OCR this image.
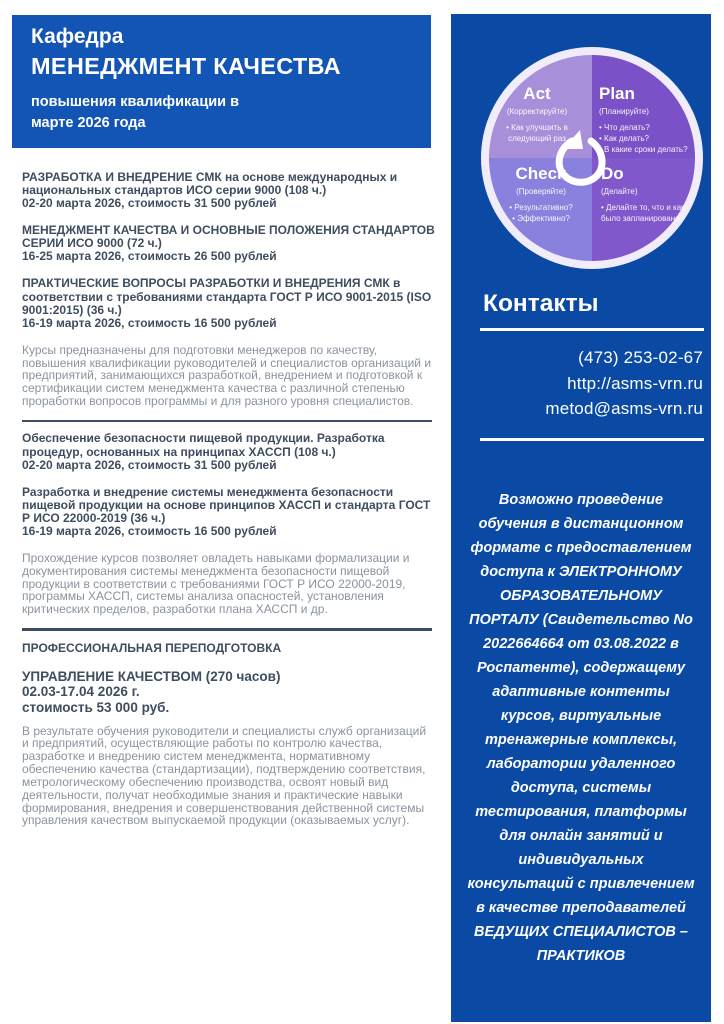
Кафедра
МЕНЕДЖМЕНТ КАЧЕСТВА
повышения квалификации в марте 2026 года
РАЗРАБОТКА И ВНЕДРЕНИЕ СМК на основе международных и национальных стандартов ИСО серии 9000 (108 ч.)
02-20 марта 2026, стоимость 31 500 рублей
МЕНЕДЖМЕНТ КАЧЕСТВА И ОСНОВНЫЕ ПОЛОЖЕНИЯ СТАНДАРТОВ СЕРИИ ИСО 9000 (72 ч.)
16-25 марта 2026, стоимость 26 500 рублей
ПРАКТИЧЕСКИЕ ВОПРОСЫ РАЗРАБОТКИ И ВНЕДРЕНИЯ СМК в соответствии с требованиями стандарта ГОСТ Р ИСО 9001-2015 (ISO 9001:2015) (36 ч.)
16-19 марта 2026, стоимость 16 500 рублей

Курсы предназначены для подготовки менеджеров по качеству, повышения квалификации руководителей и специалистов организаций и предприятий, занимающихся разработкой, внедрением и подготовкой к сертификации систем менеджмента качества с различной степенью проработки вопросов программы и для разного уровня специалистов.

Обеспечение безопасности пищевой продукции. Разработка процедур, основанных на принципах ХАССП (108 ч.)
02-20 марта 2026, стоимость 31 500 рублей
Разработка и внедрение системы менеджмента безопасности пищевой продукции на основе принципов ХАССП и стандарта ГОСТ Р ИСО 22000-2019 (36 ч.)
16-19 марта 2026, стоимость 16 500 рублей

Прохождение курсов позволяет овладеть навыками формализации и документирования системы менеджмента безопасности пищевой продукции в соответствии с требованиями ГОСТ Р ИСО 22000-2019, программы ХАССП, системы анализа опасностей, установления критических пределов, разработки плана ХАССП и др.

ПРОФЕССИОНАЛЬНАЯ ПЕРЕПОДГОТОВКА
УПРАВЛЕНИЕ КАЧЕСТВОМ (270 часов)
02.03-17.04 2026 г.
стоимость 53 000 руб.

В результате обучения руководители и специалисты служб организаций и предприятий, осуществляющие работы по контролю качества, разработке и внедрению систем менеджмента, нормативному обеспечению качества (стандартизации), подтверждению соответствия, метрологическому обеспечению производства, освоят новый вид деятельности, получат необходимые знания и практические навыки формирования, внедрения и совершенствования действенной системы управления качеством выпускаемой продукции (оказываемых услуг).

Act
(Корректируйте)
• Как улучшить в следующий раз
Plan
(Планируйте)
• Что делать?
• Как делать?
• В какие сроки делать?
Check
(Проверяйте)
• Результативно?
• Эффективно?
Do
(Делайте)
• Делайте то, что и как было запланировано
Контакты
(473) 253-02-67
http://asms-vrn.ru
metod@asms-vrn.ru
Возможно проведение обучения в дистанционном формате с предоставлением доступа к ЭЛЕКТРОННОМУ ОБРАЗОВАТЕЛЬНОМУ ПОРТАЛУ (Свидетельство No 2022664664 от 03.08.2022 в Роспатенте), содержащему адаптивные контенты курсов, виртуальные тренажерные комплексы, лаборатории удаленного доступа, системы тестирования, платформы для онлайн занятий и индивидуальных консультаций с привлечением в качестве преподавателей ВЕДУЩИХ СПЕЦИАЛИСТОВ – ПРАКТИКОВ
